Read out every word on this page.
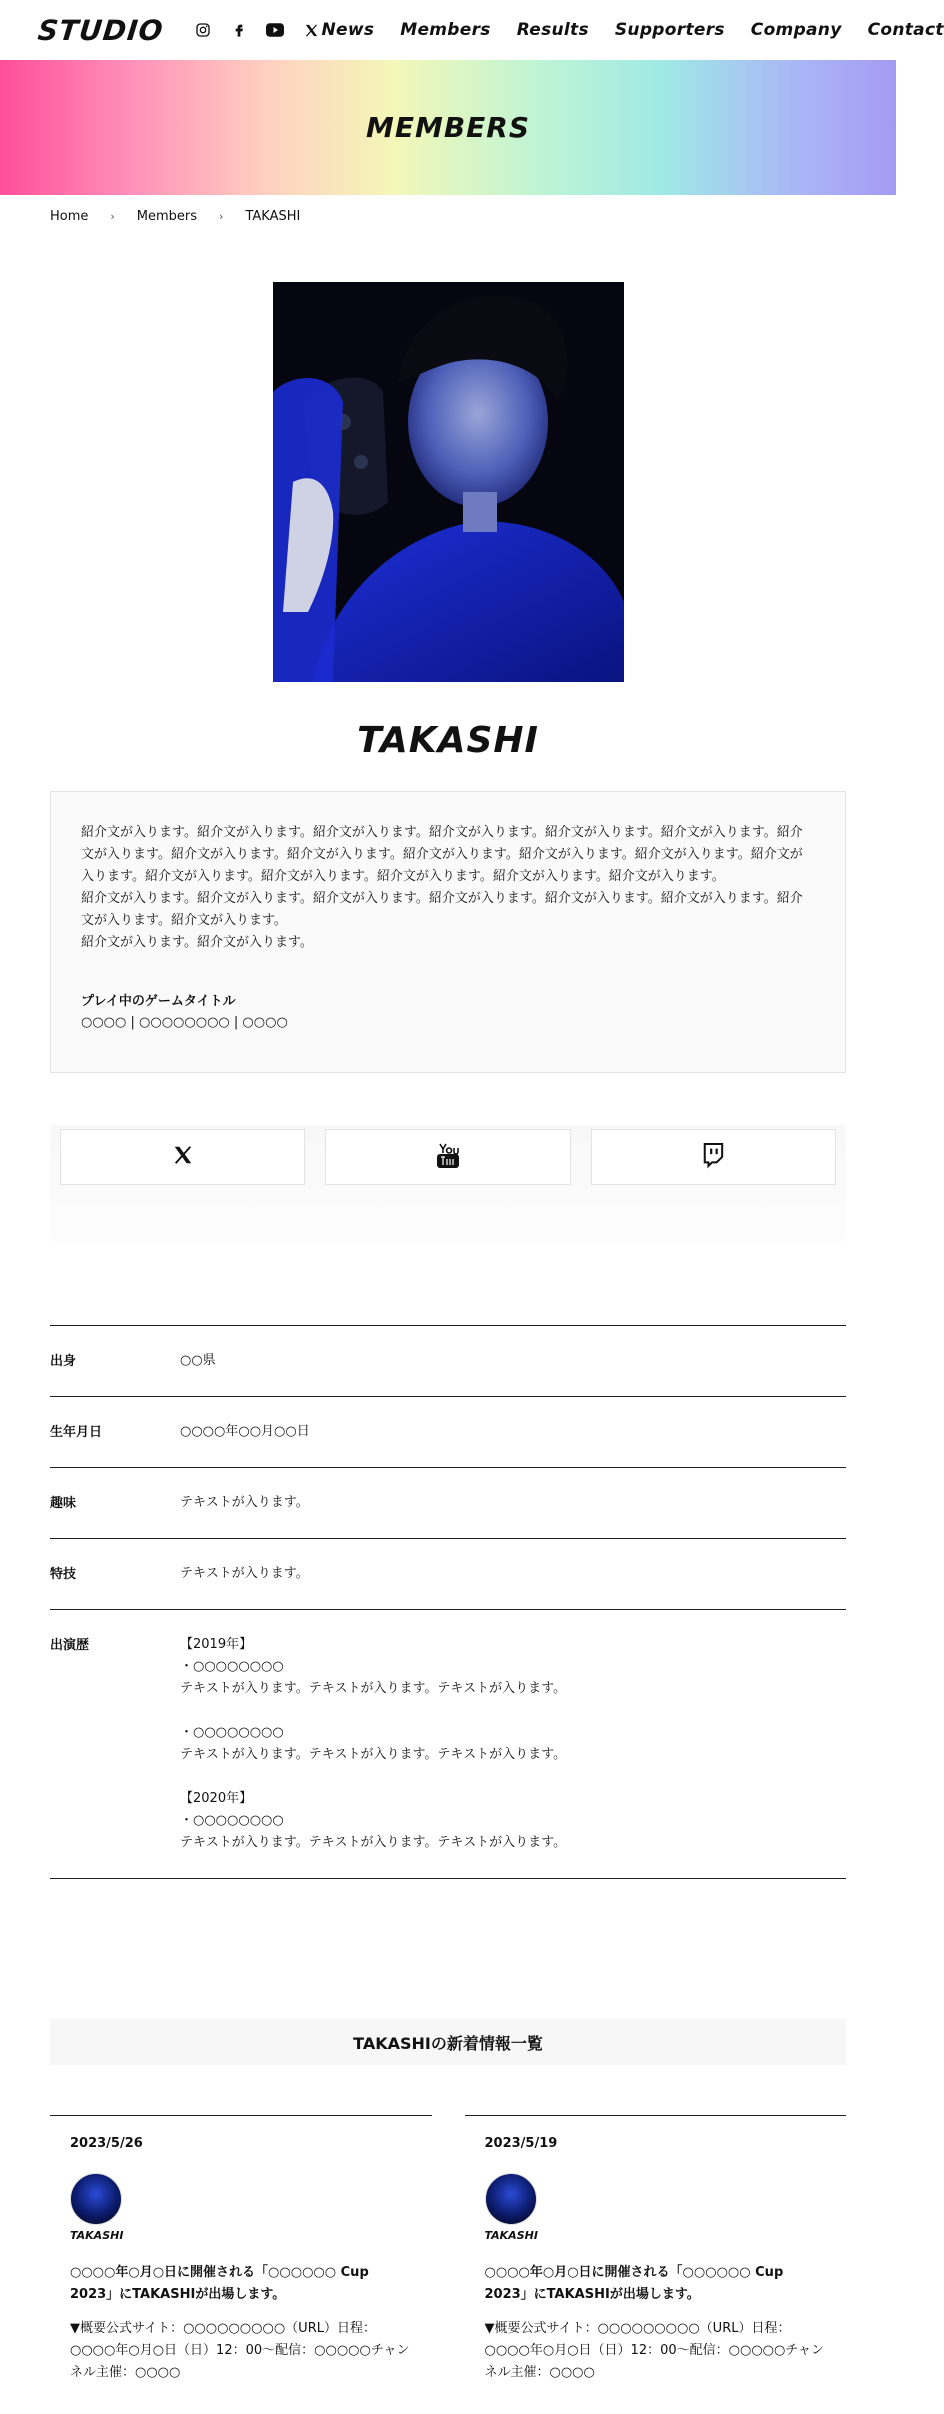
STUDIO	News Members Results Supporters Company Contact
MEMBERS
Home › Members › TAKASHI
TAKASHI

紹介文が入ります。紹介文が入ります。紹介文が入ります。紹介文が入ります。紹介文が入ります。紹介文が入ります。紹介文が入ります。紹介文が入ります。紹介文が入ります。紹介文が入ります。紹介文が入ります。紹介文が入ります。紹介文が入ります。紹介文が入ります。紹介文が入ります。紹介文が入ります。紹介文が入ります。紹介文が入ります。
紹介文が入ります。紹介文が入ります。紹介文が入ります。紹介文が入ります。紹介文が入ります。紹介文が入ります。紹介文が入ります。紹介文が入ります。
紹介文が入ります。紹介文が入ります。

プレイ中のゲームタイトル
○○○○ | ○○○○○○○○ | ○○○○
出身	○○県
生年月日	○○○○年○○月○○日
趣味	テキストが入ります。
特技	テキストが入ります。
出演歴	【2019年】
・○○○○○○○○
テキストが入ります。テキストが入ります。テキストが入ります。

・○○○○○○○○
テキストが入ります。テキストが入ります。テキストが入ります。

【2020年】
・○○○○○○○○
テキストが入ります。テキストが入ります。テキストが入ります。
TAKASHIの新着情報一覧
2023/5/26
TAKASHI
○○○○年○月○日に開催される「○○○○○○ Cup 2023」にTAKASHIが出場します。
▼概要公式サイト：○○○○○○○○○（URL）日程：○○○○年○月○日（日）12：00〜配信：○○○○○チャンネル主催：○○○○
2023/5/19
TAKASHI
○○○○年○月○日に開催される「○○○○○○ Cup 2023」にTAKASHIが出場します。
▼概要公式サイト：○○○○○○○○○（URL）日程：○○○○年○月○日（日）12：00〜配信：○○○○○チャンネル主催：○○○○
